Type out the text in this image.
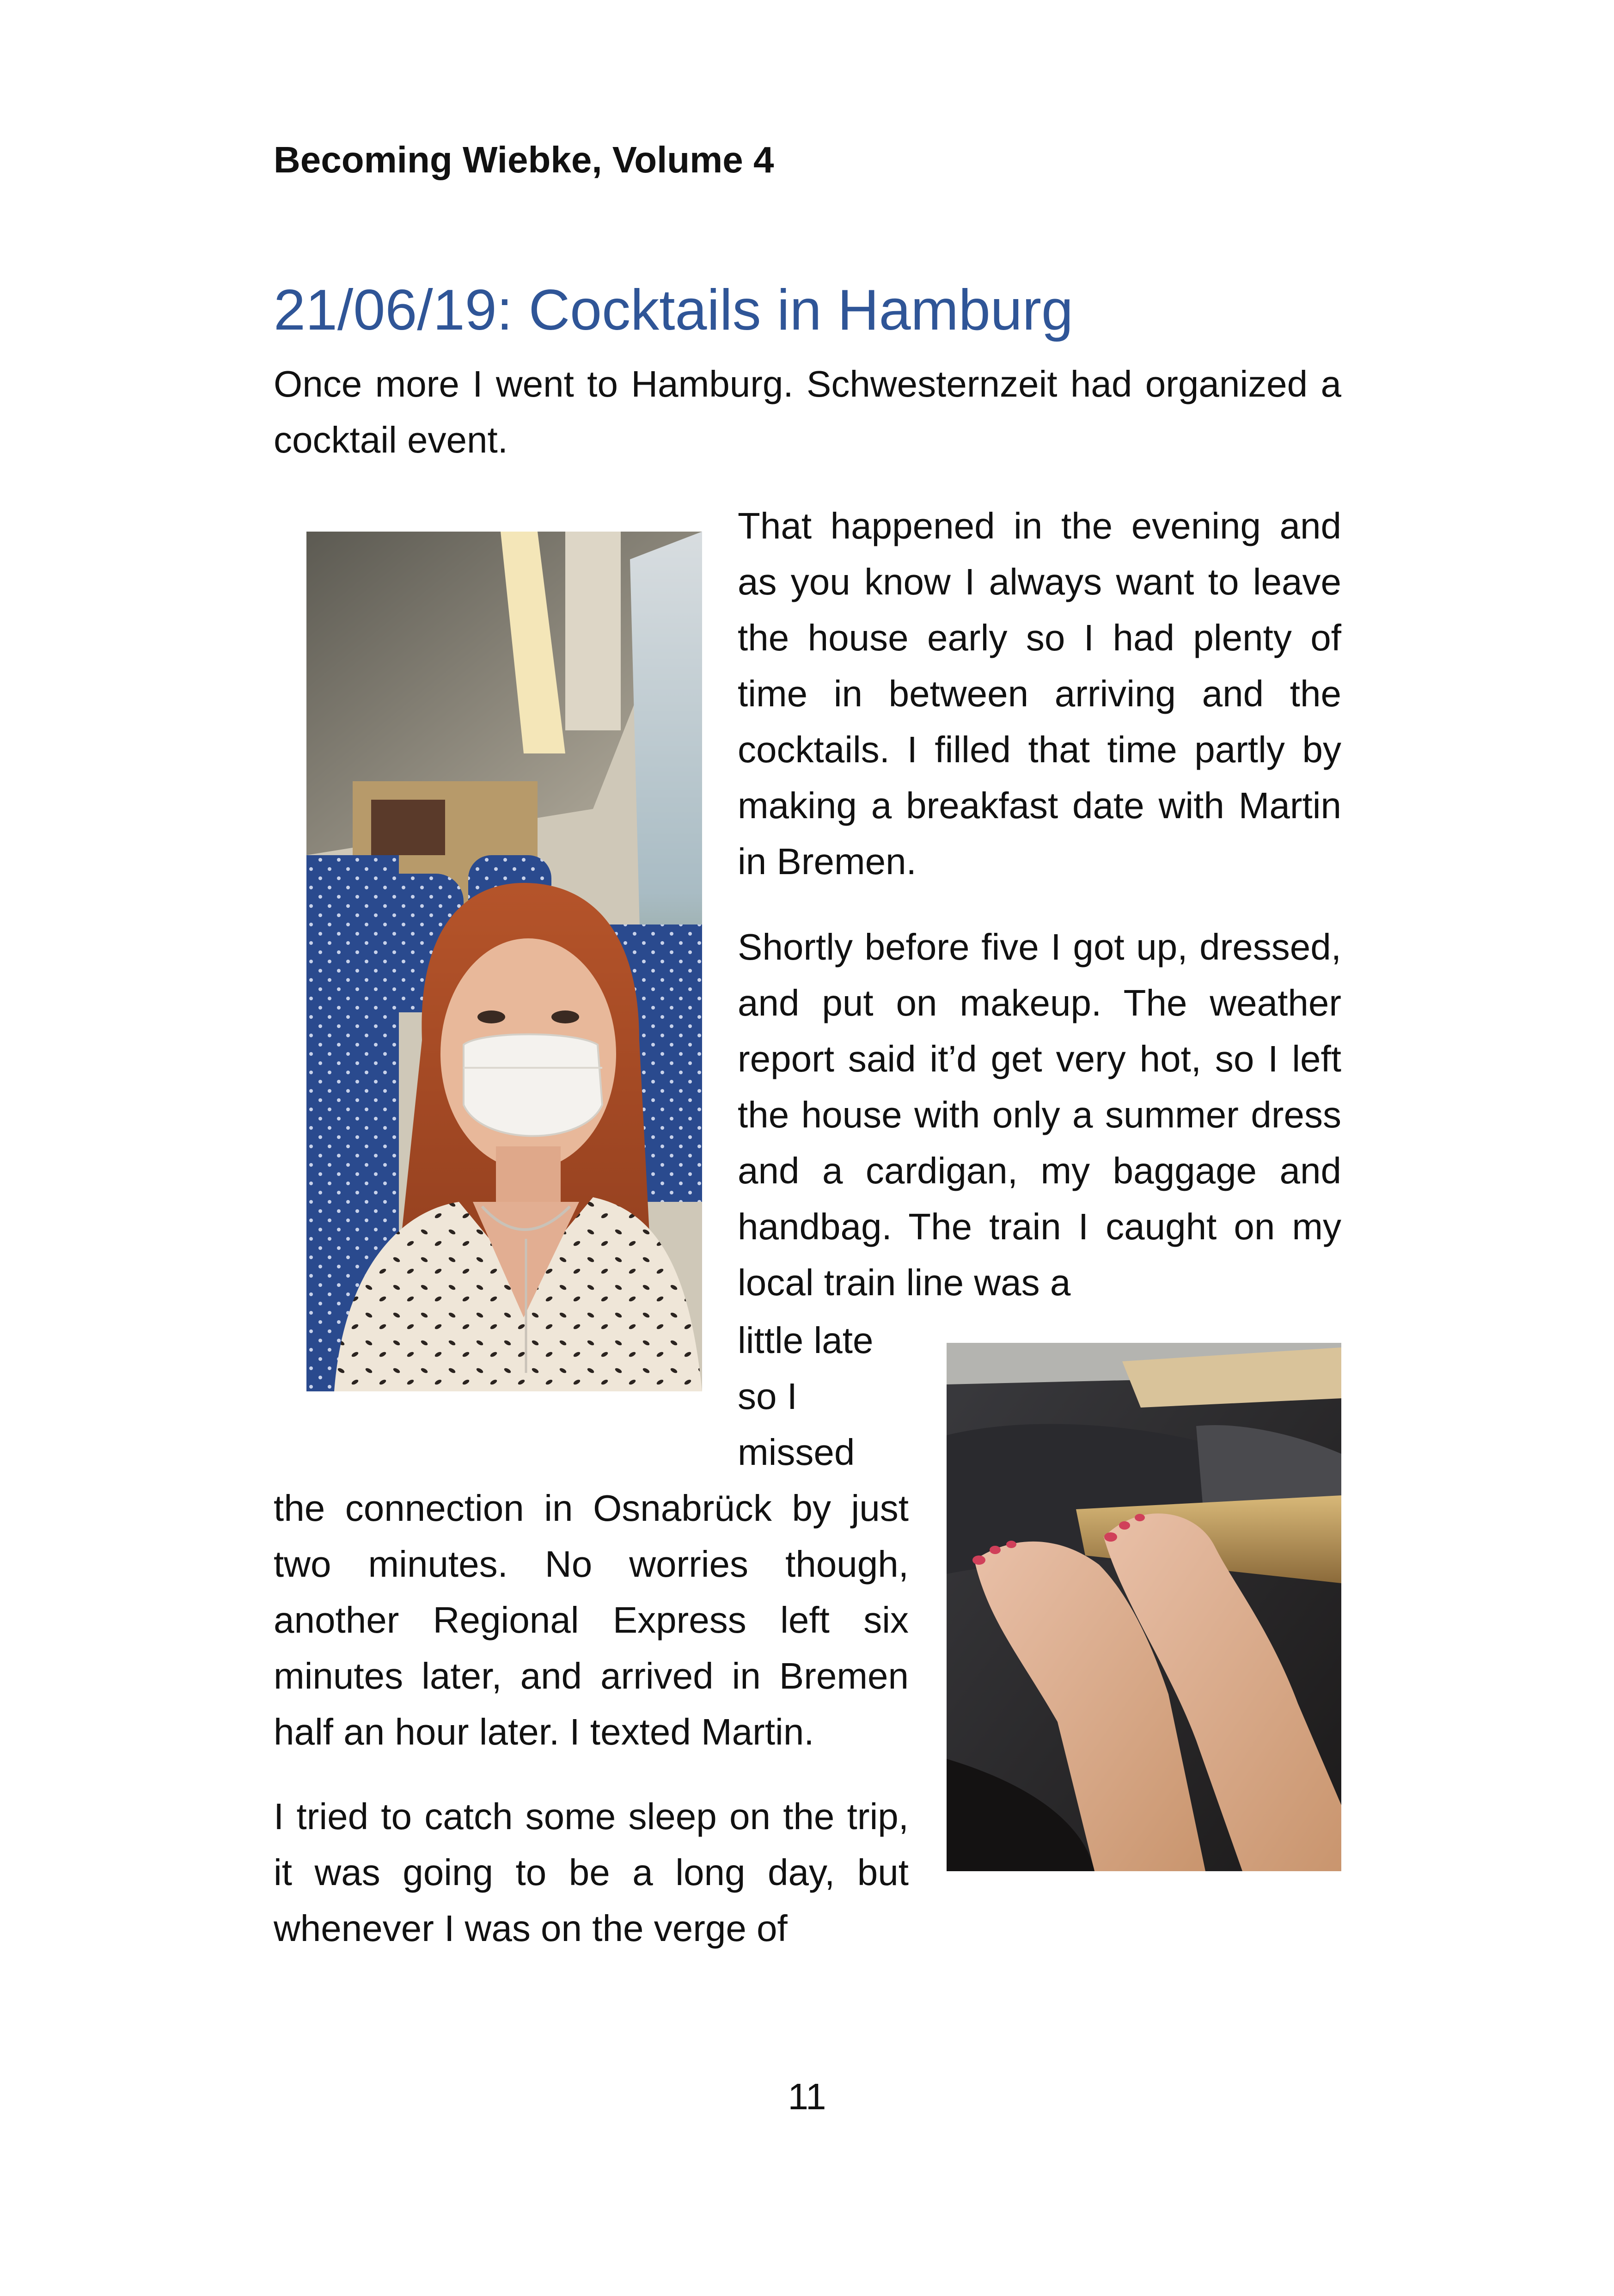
Becoming Wiebke, Volume 4
21/06/19: Cocktails in Hamburg

Once more I went to Hamburg. Schwesternzeit had organized a cocktail event.

That happened in the evening and as you know I always want to leave the house early so I had plenty of time in between arriving and the cocktails. I filled that time partly by making a breakfast date with Martin in Bremen.

Shortly before five I got up, dressed, and put on makeup. The weather report said it’d get very hot, so I left the house with only a summer dress and a cardigan, my baggage and handbag. The train I caught on my local train line was a

little late so I missed

the connection in Osnabrück by just two minutes. No worries though, another Regional Express left six minutes later, and arrived in Bremen half an hour later. I texted Martin.

I tried to catch some sleep on the trip, it was going to be a long day, but whenever I was on the verge of

11
